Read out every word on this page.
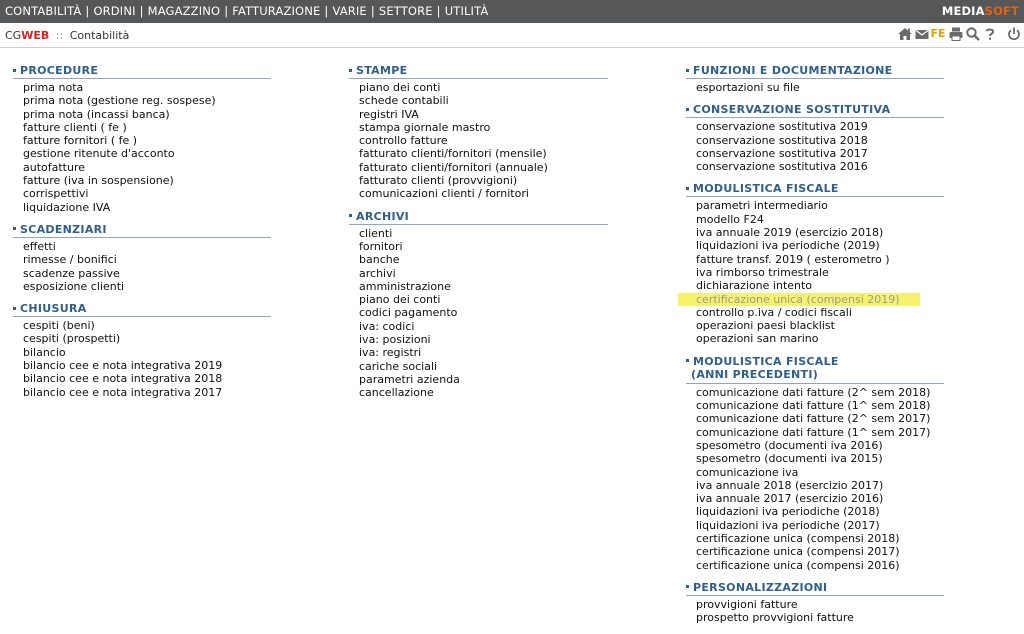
CONTABILITÀ | ORDINI | MAGAZZINO | FATTURAZIONE | VARIE | SETTORE | UTILITÀ	MEDIASOFT
CGWEB :: Contabilità	FE
PROCEDURE
prima nota
prima nota (gestione reg. sospese)
prima nota (incassi banca)
fatture clienti ( fe )
fatture fornitori ( fe )
gestione ritenute d'acconto
autofatture
fatture (iva in sospensione)
corrispettivi
liquidazione IVA
SCADENZIARI
effetti
rimesse / bonifici
scadenze passive
esposizione clienti
CHIUSURA
cespiti (beni)
cespiti (prospetti)
bilancio
bilancio cee e nota integrativa 2019
bilancio cee e nota integrativa 2018
bilancio cee e nota integrativa 2017
STAMPE
piano dei conti
schede contabili
registri IVA
stampa giornale mastro
controllo fatture
fatturato clienti/fornitori (mensile)
fatturato clienti/fornitori (annuale)
fatturato clienti (provvigioni)
comunicazioni clienti / fornitori
ARCHIVI
clienti
fornitori
banche
archivi
amministrazione
piano dei conti
codici pagamento
iva: codici
iva: posizioni
iva: registri
cariche sociali
parametri azienda
cancellazione
FUNZIONI E DOCUMENTAZIONE
esportazioni su file
CONSERVAZIONE SOSTITUTIVA
conservazione sostitutiva 2019
conservazione sostitutiva 2018
conservazione sostitutiva 2017
conservazione sostitutiva 2016
MODULISTICA FISCALE
parametri intermediario
modello F24
iva annuale 2019 (esercizio 2018)
liquidazioni iva periodiche (2019)
fatture transf. 2019 ( esterometro )
iva rimborso trimestrale
dichiarazione intento
certificazione unica (compensi 2019)
controllo p.iva / codici fiscali
operazioni paesi blacklist
operazioni san marino
MODULISTICA FISCALE (ANNI PRECEDENTI)
comunicazione dati fatture (2^ sem 2018)
comunicazione dati fatture (1^ sem 2018)
comunicazione dati fatture (2^ sem 2017)
comunicazione dati fatture (1^ sem 2017)
spesometro (documenti iva 2016)
spesometro (documenti iva 2015)
comunicazione iva
iva annuale 2018 (esercizio 2017)
iva annuale 2017 (esercizio 2016)
liquidazioni iva periodiche (2018)
liquidazioni iva periodiche (2017)
certificazione unica (compensi 2018)
certificazione unica (compensi 2017)
certificazione unica (compensi 2016)
PERSONALIZZAZIONI
provvigioni fatture
prospetto provvigioni fatture
